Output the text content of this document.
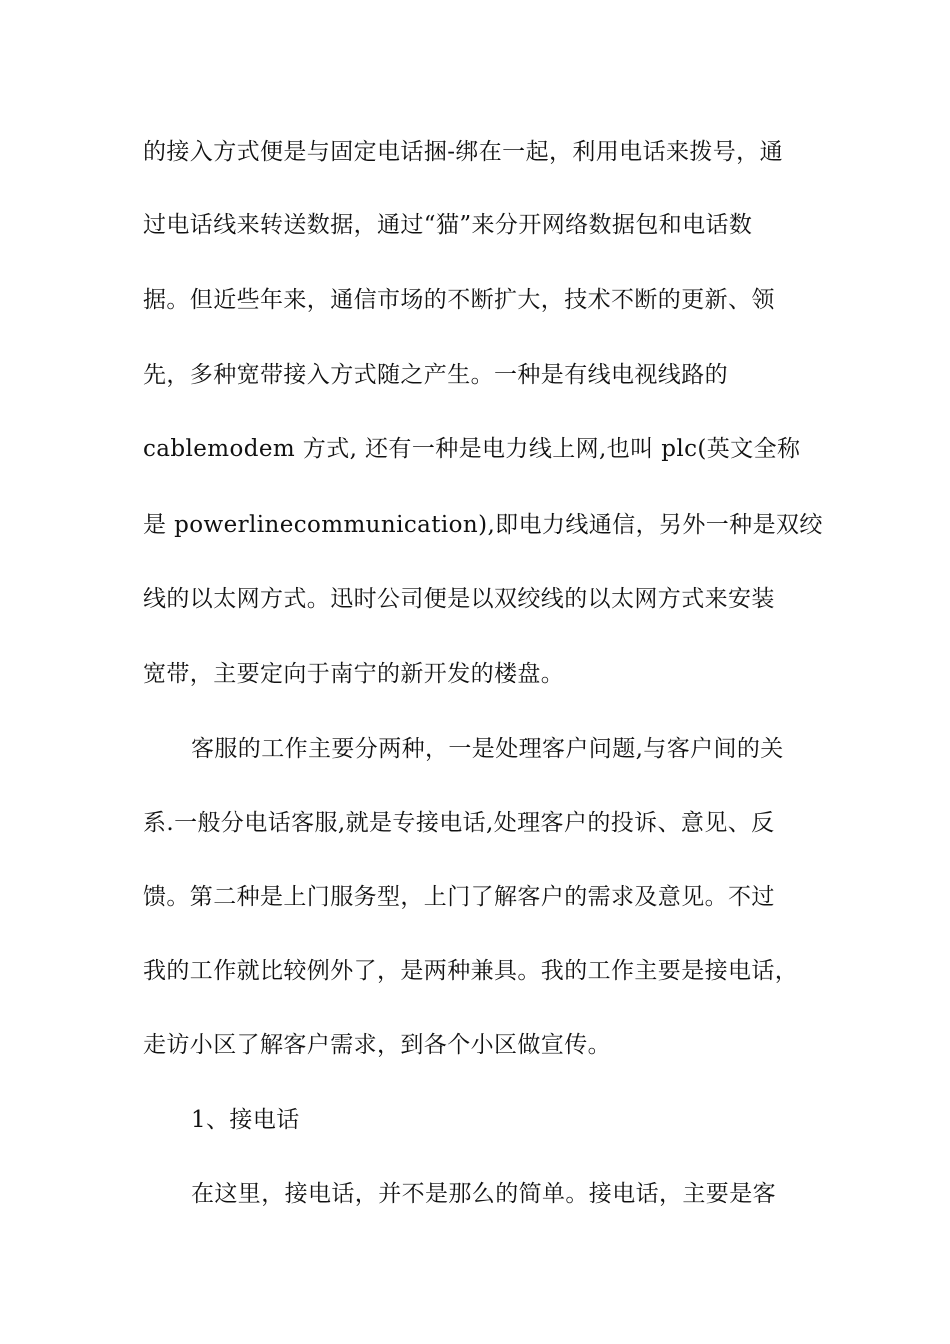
的接入方式便是与固定电话捆-绑在一起，利用电话来拨号，通
过电话线来转送数据，通过“猫”来分开网络数据包和电话数
据。但近些年来，通信市场的不断扩大，技术不断的更新、领
先，多种宽带接入方式随之产生。一种是有线电视线路的
cablemodem 方式, 还有一种是电力线上网,也叫 plc(英文全称
是 powerlinecommunication),即电力线通信，另外一种是双绞
线的以太网方式。迅时公司便是以双绞线的以太网方式来安装
宽带，主要定向于南宁的新开发的楼盘。
客服的工作主要分两种，一是处理客户问题,与客户间的关
系.一般分电话客服,就是专接电话,处理客户的投诉、意见、反
馈。第二种是上门服务型，上门了解客户的需求及意见。不过
我的工作就比较例外了，是两种兼具。我的工作主要是接电话，
走访小区了解客户需求，到各个小区做宣传。
1、接电话
在这里，接电话，并不是那么的简单。接电话，主要是客
